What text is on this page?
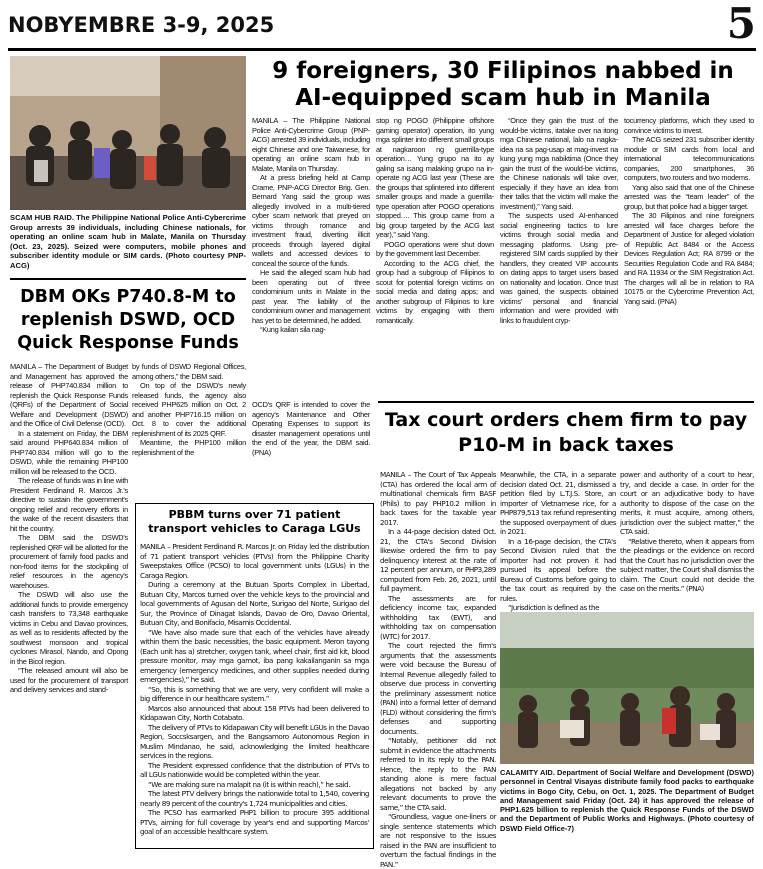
NOBYEMBRE 3-9, 2025	5
SCAM HUB RAID. The Philippine National Police Anti-Cybercrime Group arrests 39 individuals, including Chinese nationals, for operating an online scam hub in Malate, Manila on Thursday (Oct. 23, 2025). Seized were computers, mobile phones and subscriber identity module or SIM cards. (Photo courtesy PNP-ACG)
9 foreigners, 30 Filipinos nabbed in AI-equipped scam hub in Manila

MANILA – The Philippine National Police Anti-Cybercrime Group (PNP-ACG) arrested 39 individuals, including eight Chinese and one Taiwanese, for operating an online scam hub in Malate, Manila on Thursday.

At a press briefing held at Camp Crame, PNP-ACG Director Brig. Gen. Bernard Yang said the group was allegedly involved in a multi-tiered cyber scam network that preyed on victims through romance and investment fraud, diverting illicit proceeds through layered digital wallets and accessed devices to conceal the source of the funds.

He said the alleged scam hub had been operating out of three condominium units in Malate in the past year. The liability of the condominium owner and management has yet to be determined, he added.

“Kung kailan sila nag-

stop ng POGO (Philippine offshore gaming operator) operation, ito yung mga splinter into different small groups at nagkaroon ng guerrilla-type operation… Yung grupo na ito ay galing sa isang malaking grupo na in-operate ng ACG last year (These are the groups that splintered into different smaller groups and made a guerrilla-type operation after POGO operations stopped…. This group came from a big group targeted by the ACG last year),” said Yang.

POGO operations were shut down by the government last December.

According to the ACG chief, the group had a subgroup of Filipinos to scout for potential foreign victims on social media and dating apps; and another subgroup of Filipinos to lure victims by engaging with them romantically.

“Once they gain the trust of the would-be victims, itatake over na itong mga Chinese national, lalo na nagka-idea na sa pag-usap at mag-invest na kung yung mga nabiktima (Once they gain the trust of the would-be victims, the Chinese nationals will take over, especially if they have an idea from their talks that the victim will make the investment),” Yang said.

The suspects used AI-enhanced social engineering tactics to lure victims through social media and messaging platforms. Using pre-registered SIM cards supplied by their handlers, they created VIP accounts on dating apps to target users based on nationality and location. Once trust was gained, the suspects obtained victims' personal and financial information and were provided with links to fraudulent cryp-

tocurrency platforms, which they used to convince victims to invest.

The ACG seized 231 subscriber identity module or SIM cards from local and international telecommunications companies, 200 smartphones, 36 computers, two routers and two modems.

Yang also said that one of the Chinese arrested was the “team leader” of the group, but that police had a bigger target.

The 30 Filipinos and nine foreigners arrested will face charges before the Department of Justice for alleged violation of Republic Act 8484 or the Access Devices Regulation Act; RA 8799 or the Securities Regulation Code and RA 8484; and RA 11934 or the SIM Registration Act. The charges will all be in relation to RA 10175 or the Cybercrime Prevention Act, Yang said. (PNA)

DBM OKs P740.8-M to replenish DSWD, OCD Quick Response Funds

MANILA – The Department of Budget and Management has approved the release of PHP740.834 million to replenish the Quick Response Funds (QRFs) of the Department of Social Welfare and Development (DSWD) and the Office of Civil Defense (OCD).

In a statement on Friday, the DBM said around PHP640.834 million of PHP740.834 million will go to the DSWD, while the remaining PHP100 million will be released to the OCD.

The release of funds was in line with President Ferdinand R. Marcos Jr.'s directive to sustain the government's ongoing relief and recovery efforts in the wake of the recent disasters that hit the country.

The DBM said the DSWD's replenished QRF will be allotted for the procurement of family food packs and non-food items for the stockpiling of relief resources in the agency's warehouses.

The DSWD will also use the additional funds to provide emergency cash transfers to 73,348 earthquake victims in Cebu and Davao provinces, as well as to residents affected by the southwest monsoon and tropical cyclones Mirasol, Nando, and Opong in the Bicol region.

“The released amount will also be used for the procurement of transport and delivery services and stand-

by funds of DSWD Regional Offices, among others,” the DBM said.

On top of the DSWD's newly released funds, the agency also received PHP625 million on Oct. 2 and another PHP716.15 million on Oct. 8 to cover the additional replenishment of its 2025 QRF.

Meantime, the PHP100 million replenishment of the

OCD's QRF is intended to cover the agency's Maintenance and Other Operating Expenses to support its disaster management operations until the end of the year, the DBM said. (PNA)

PBBM turns over 71 patient transport vehicles to Caraga LGUs

MANILA – President Ferdinand R. Marcos Jr. on Friday led the distribution of 71 patient transport vehicles (PTVs) from the Philippine Charity Sweepstakes Office (PCSO) to local government units (LGUs) in the Caraga Region.

During a ceremony at the Butuan Sports Complex in Libertad, Butuan City, Marcos turned over the vehicle keys to the provincial and local governments of Agusan del Norte, Surigao del Norte, Surigao del Sur, the Province of Dinagat Islands, Davao de Oro, Davao Oriental, Butuan City, and Bonifacio, Misamis Occidental.

“We have also made sure that each of the vehicles have already within them the basic necessities, the basic equipment. Meron tayong (Each unit has a) stretcher, oxygen tank, wheel chair, first aid kit, blood pressure monitor, may mga gamot, iba pang kakailanganin sa mga emergency (emergency medicines, and other supplies needed during emergencies),” he said.

“So, this is something that we are very, very confident will make a big difference in our healthcare system.”

Marcos also announced that about 158 PTVs had been delivered to Kidapawan City, North Cotabato.

The delivery of PTVs to Kidapawan City will benefit LGUs in the Davao Region, Soccsksargen, and the Bangsamoro Autonomous Region in Muslim Mindanao, he said, acknowledging the limited healthcare services in the regions.

The President expressed confidence that the distribution of PTVs to all LGUs nationwide would be completed within the year.

“We are making sure na malapit na (it is within reach),” he said.

The latest PTV delivery brings the nationwide total to 1,540, covering nearly 89 percent of the country's 1,724 municipalities and cities.

The PCSO has earmarked PHP1 billion to procure 395 additional PTVs, aiming for full coverage by year's end and supporting Marcos' goal of an accessible healthcare system.

Tax court orders chem firm to pay P10-M in back taxes

MANILA – The Court of Tax Appeals (CTA) has ordered the local arm of multinational chemicals firm BASF (Phils) to pay PHP10.2 million in back taxes for the taxable year 2017.

In a 44-page decision dated Oct. 21, the CTA's Second Division likewise ordered the firm to pay delinquency interest at the rate of 12 percent per annum, or PHP3,289 computed from Feb. 26, 2021, until full payment.

The assessments are for deficiency income tax, expanded withholding tax (EWT), and withholding tax on compensation (WTC) for 2017.

The court rejected the firm's arguments that the assessments were void because the Bureau of Internal Revenue allegedly failed to observe due process in converting the preliminary assessment notice (PAN) into a formal letter of demand (FLD) without considering the firm's defenses and supporting documents.

“Notably, petitioner did not submit in evidence the attachments referred to in its reply to the PAN. Hence, the reply to the PAN standing alone is mere factual allegations not backed by any relevant documents to prove the same,” the CTA said.

“Groundless, vague one-liners or single sentence statements which are not responsive to the issues raised in the PAN are insufficient to overturn the factual findings in the PAN.”

Meanwhile, the CTA, in a separate decision dated Oct. 21, dismissed a petition filed by L.T.J.S. Store, an importer of Vietnamese rice, for a PHP879,513 tax refund representing the supposed overpayment of dues in 2021.

In a 16-page decision, the CTA's Second Division ruled that the importer had not proven it had pursued its appeal before the Bureau of Customs before going to the tax court as required by the rules.

“Jurisdiction is defined as the

power and authority of a court to hear, try, and decide a case. In order for the court or an adjudicative body to have authority to dispose of the case on the merits, it must acquire, among others, jurisdiction over the subject matter,” the CTA said.

“Relative thereto, when it appears from the pleadings or the evidence on record that the Court has no jurisdiction over the subject matter, the Court shall dismiss the claim. The Court could not decide the case on the merits.” (PNA)

CALAMITY AID. Department of Social Welfare and Development (DSWD) personnel in Central Visayas distribute family food packs to earthquake victims in Bogo City, Cebu, on Oct. 1, 2025. The Department of Budget and Management said Friday (Oct. 24) it has approved the release of PHP1.625 billion to replenish the Quick Response Funds of the DSWD and the Department of Public Works and Highways. (Photo courtesy of DSWD Field Office-7)
